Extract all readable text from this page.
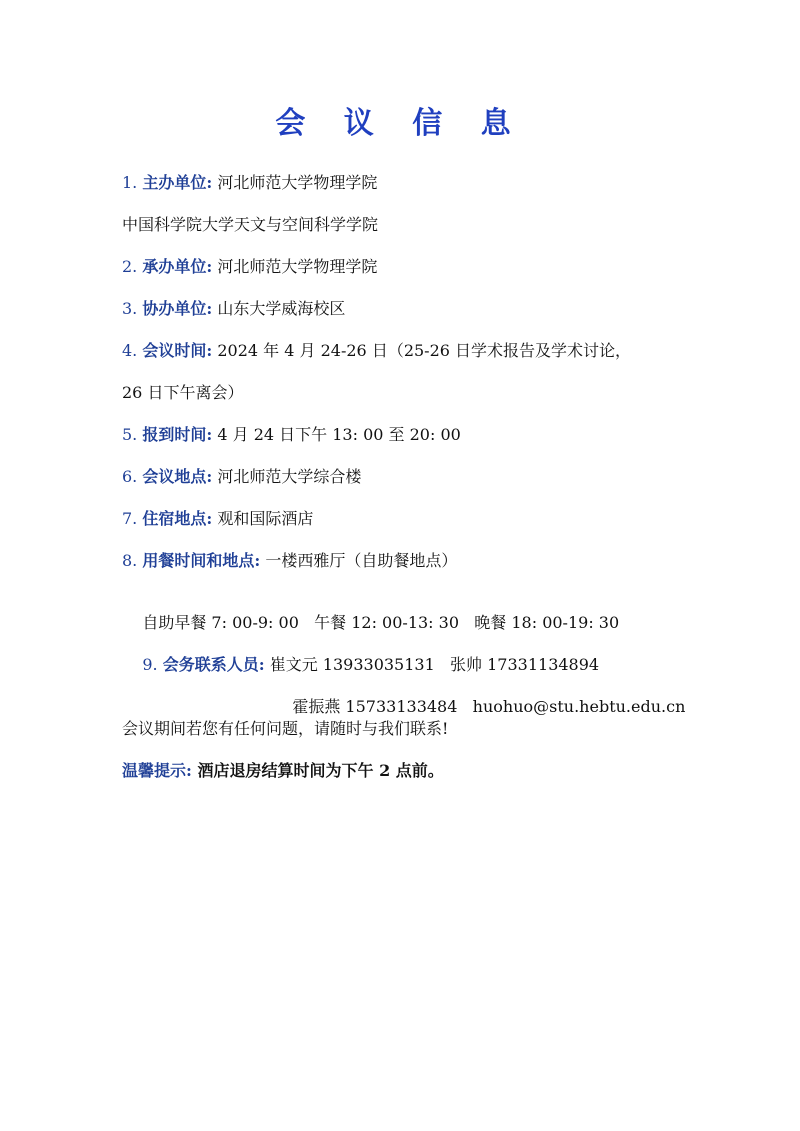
会 议 信 息
1. 主办单位: 河北师范大学物理学院
中国科学院大学天文与空间科学学院
2. 承办单位: 河北师范大学物理学院
3. 协办单位: 山东大学威海校区
4. 会议时间: 2024 年 4 月 24-26 日（25-26 日学术报告及学术讨论，
26 日下午离会）
5. 报到时间: 4 月 24 日下午 13: 00 至 20: 00
6. 会议地点: 河北师范大学综合楼
7. 住宿地点: 观和国际酒店
8. 用餐时间和地点: 一楼西雅厅（自助餐地点）

自助早餐 7: 00-9: 00   午餐 12: 00-13: 30   晚餐 18: 00-19: 30

9. 会务联系人员: 崔文元 13933035131   张帅 17331134894

霍振燕 15733133484   huohuo@stu.hebtu.edu.cn

会议期间若您有任何问题，请随时与我们联系!
温馨提示: 酒店退房结算时间为下午 2 点前。
